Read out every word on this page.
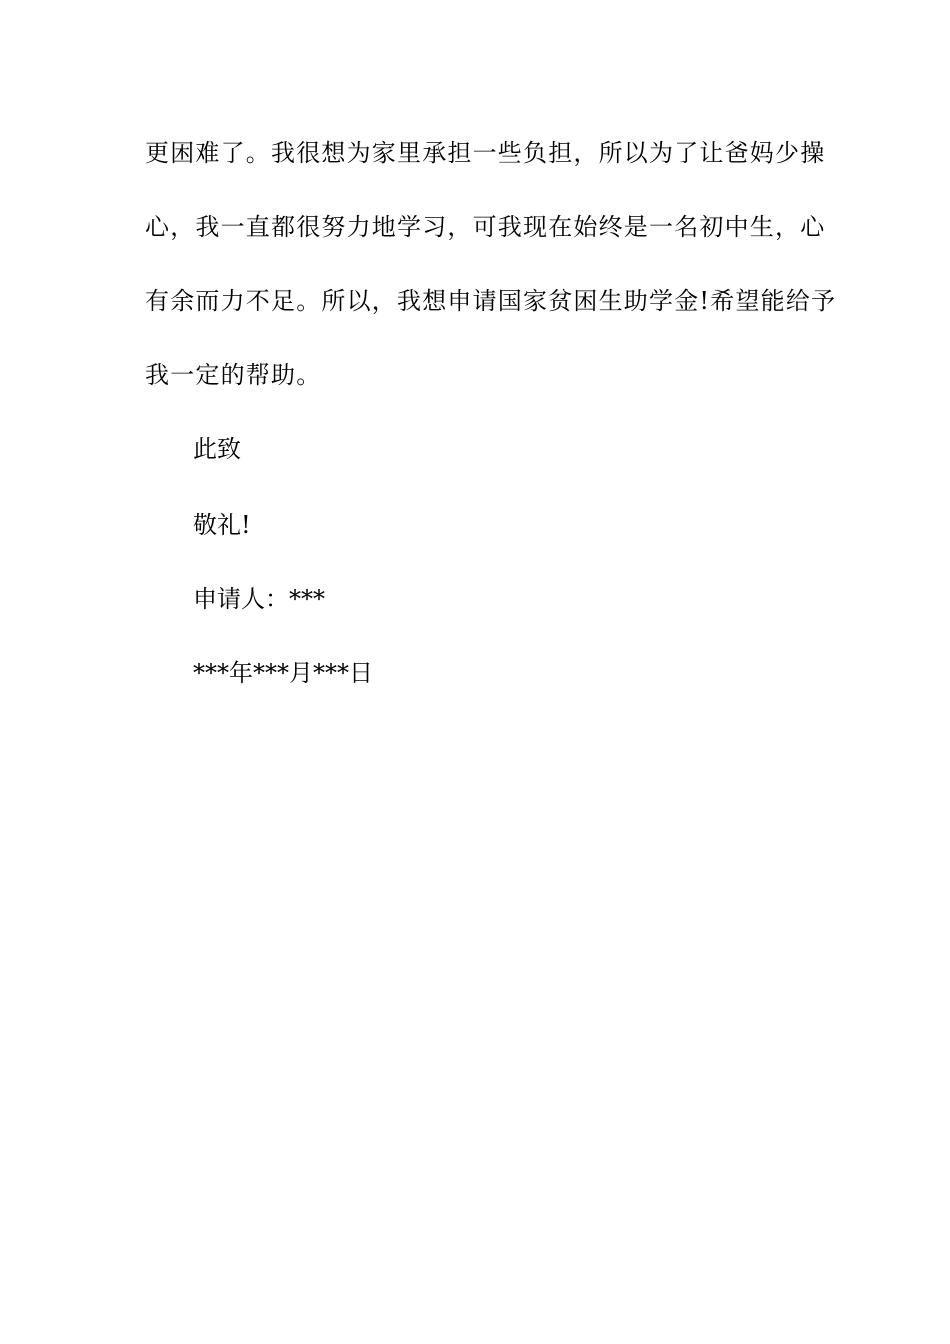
更困难了。我很想为家里承担一些负担，所以为了让爸妈少操
心，我一直都很努力地学习，可我现在始终是一名初中生，心
有余而力不足。所以，我想申请国家贫困生助学金!希望能给予
我一定的帮助。
此致
敬礼!
申请人：***
***年***月***日
